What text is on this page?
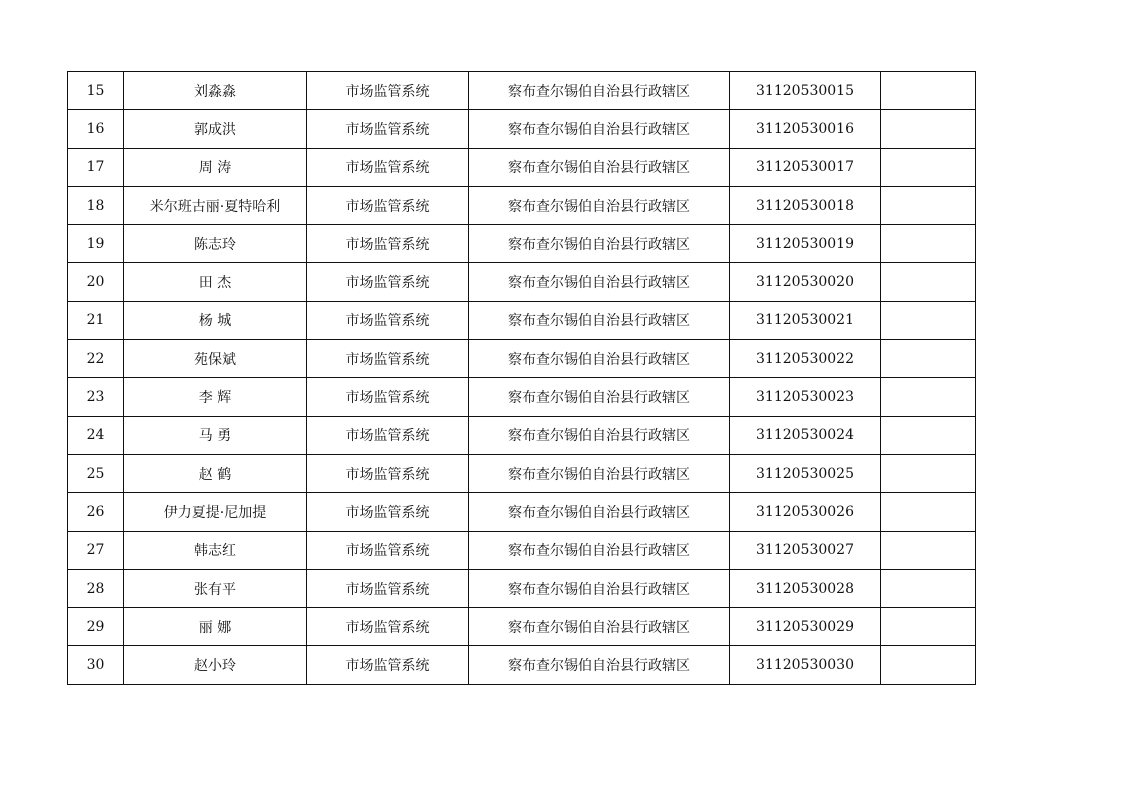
15	刘淼淼	市场监管系统	察布查尔锡伯自治县行政辖区	31120530015	
16	郭成洪	市场监管系统	察布查尔锡伯自治县行政辖区	31120530016	
17	周 涛	市场监管系统	察布查尔锡伯自治县行政辖区	31120530017	
18	米尔班古丽·夏特哈利	市场监管系统	察布查尔锡伯自治县行政辖区	31120530018	
19	陈志玲	市场监管系统	察布查尔锡伯自治县行政辖区	31120530019	
20	田 杰	市场监管系统	察布查尔锡伯自治县行政辖区	31120530020	
21	杨 城	市场监管系统	察布查尔锡伯自治县行政辖区	31120530021	
22	苑保斌	市场监管系统	察布查尔锡伯自治县行政辖区	31120530022	
23	李 辉	市场监管系统	察布查尔锡伯自治县行政辖区	31120530023	
24	马 勇	市场监管系统	察布查尔锡伯自治县行政辖区	31120530024	
25	赵 鹤	市场监管系统	察布查尔锡伯自治县行政辖区	31120530025	
26	伊力夏提·尼加提	市场监管系统	察布查尔锡伯自治县行政辖区	31120530026	
27	韩志红	市场监管系统	察布查尔锡伯自治县行政辖区	31120530027	
28	张有平	市场监管系统	察布查尔锡伯自治县行政辖区	31120530028	
29	丽 娜	市场监管系统	察布查尔锡伯自治县行政辖区	31120530029	
30	赵小玲	市场监管系统	察布查尔锡伯自治县行政辖区	31120530030	
